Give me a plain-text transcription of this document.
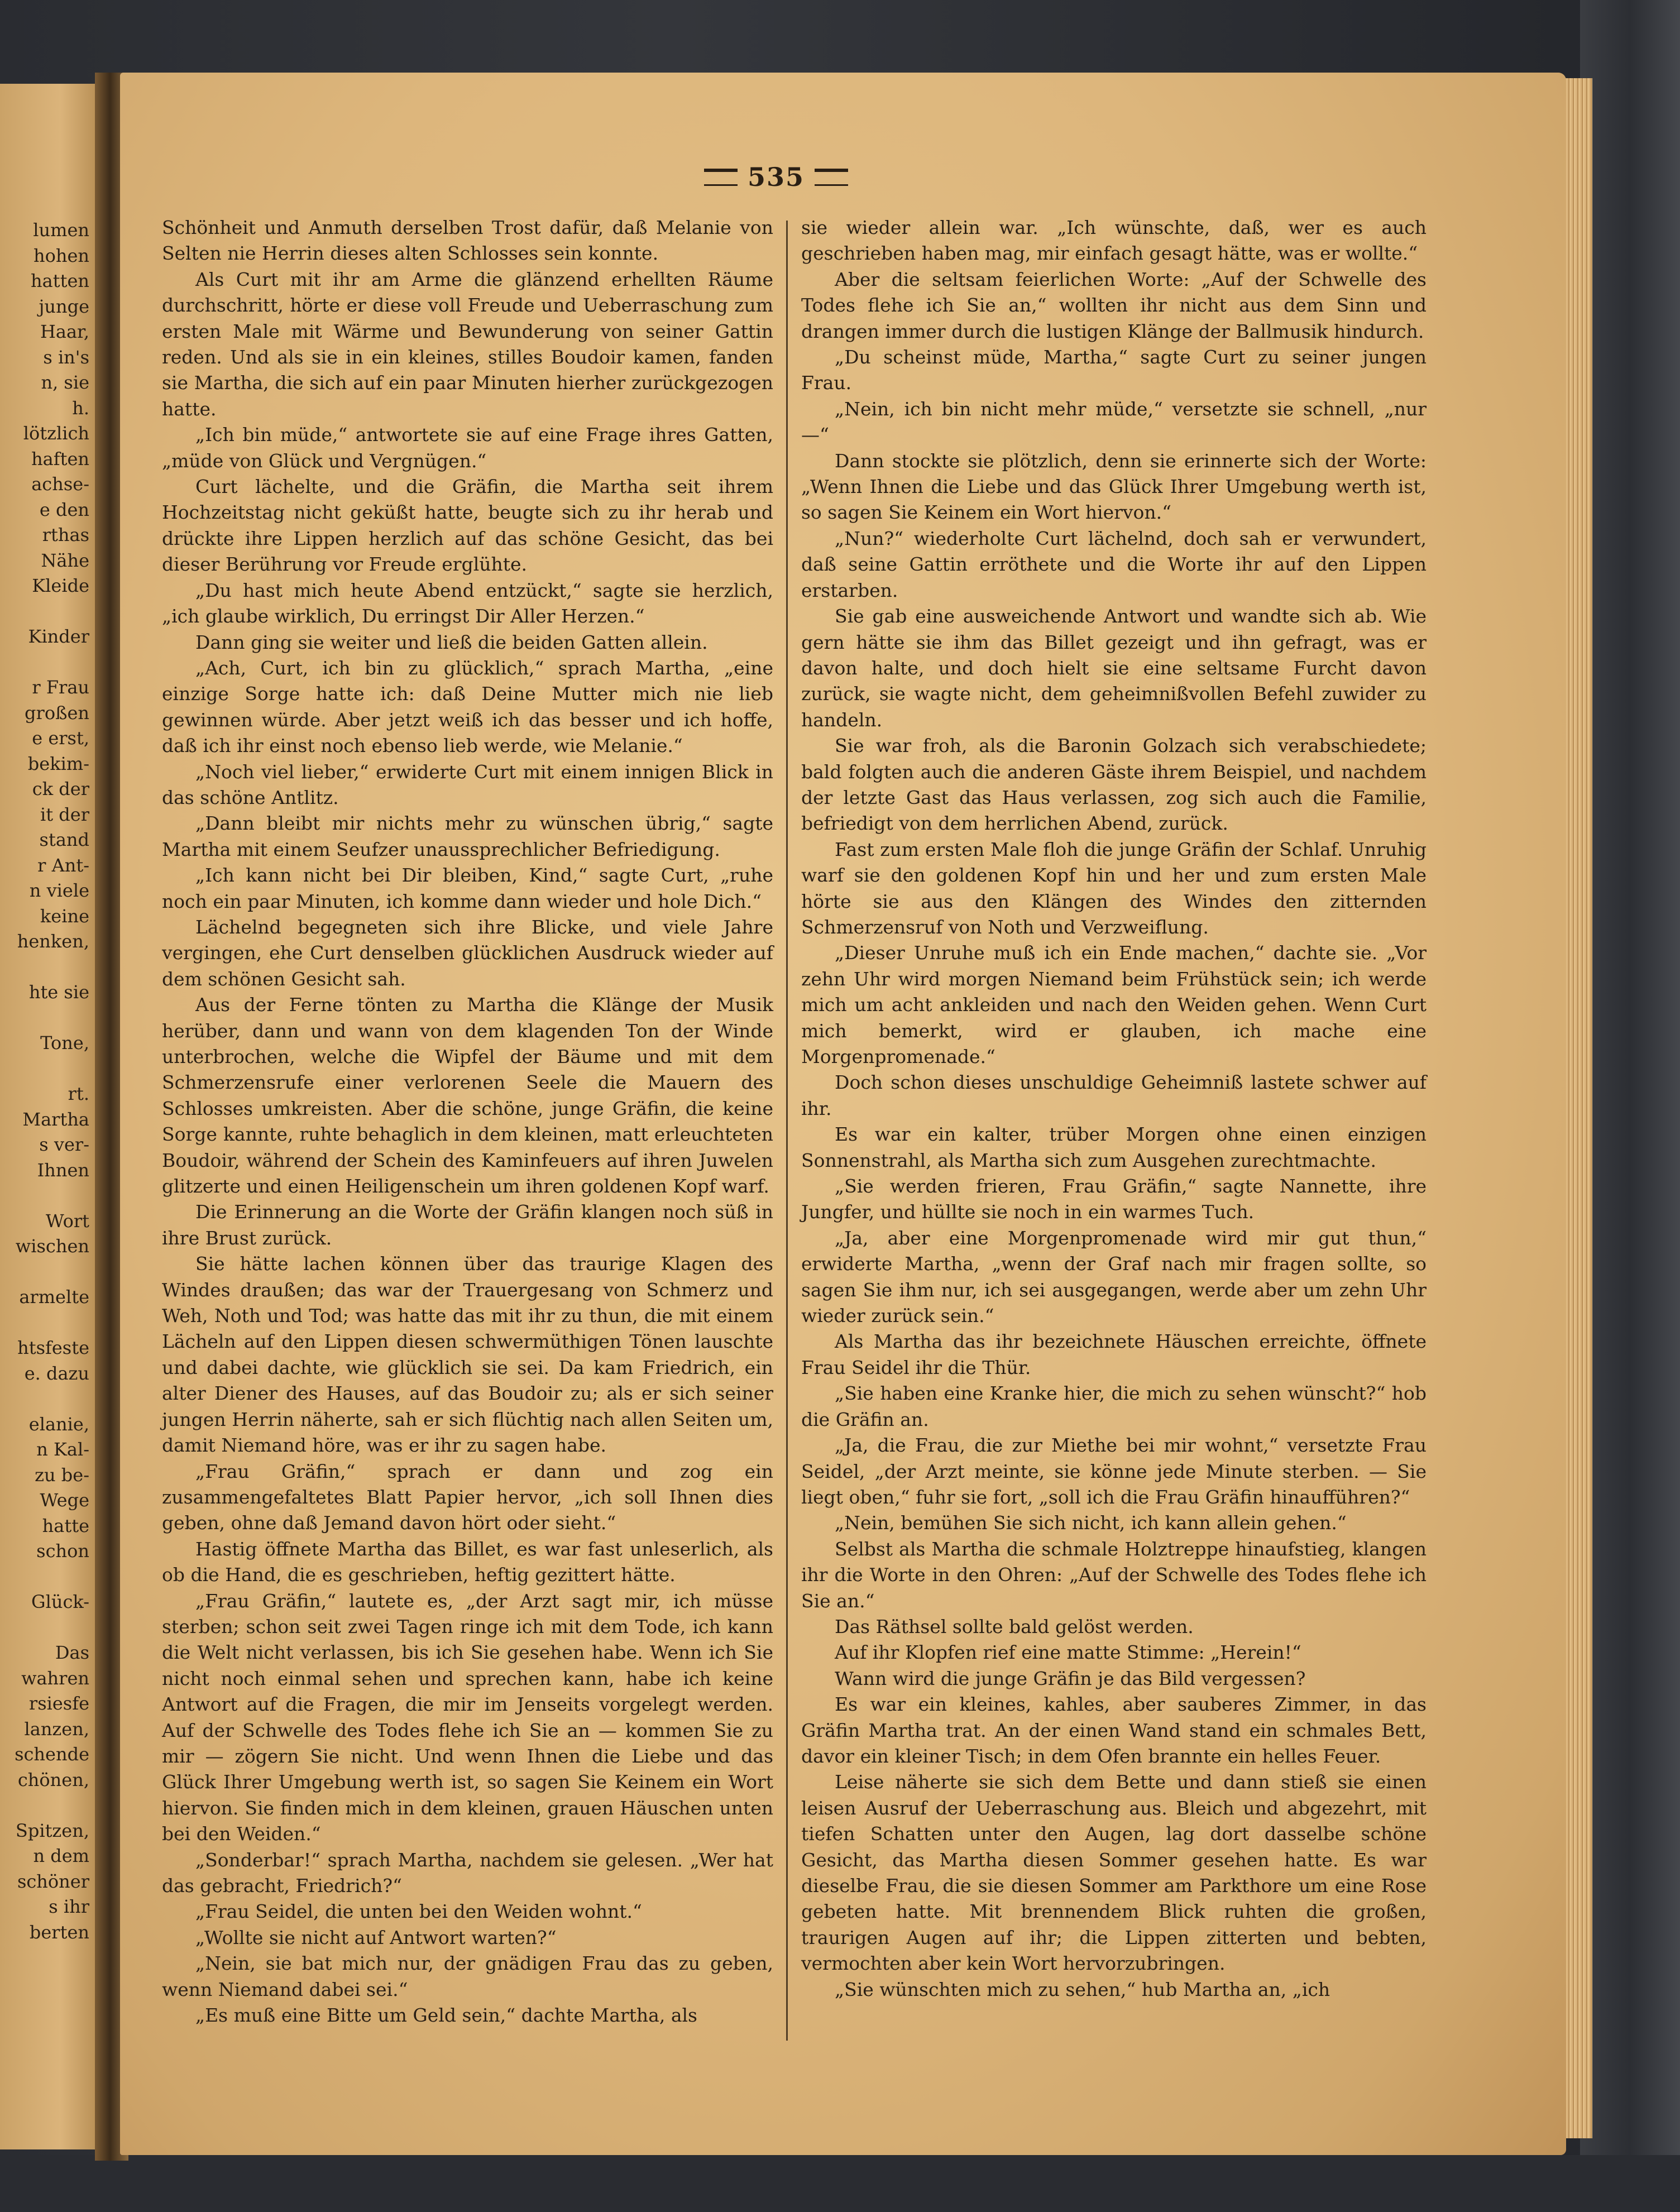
lumen
hohen
hatten
junge
Haar,
s in's
n, sie
h.
lötzlich
haften
achse-
e den
rthas
Nähe
Kleide
Kinder
r Frau
großen
e erst,
bekim-
ck der
it der
stand
r Ant-
n viele
keine
henken,
hte sie
Tone,
rt.
Martha
s ver-
Ihnen
Wort
wischen
armelte
htsfeste
e. dazu
elanie,
n Kal-
zu be-
Wege
hatte
schon
Glück-
Das
wahren
rsiesfe
lanzen,
schende
chönen,
Spitzen,
n dem
schöner
s ihr
berten
535

Schönheit und Anmuth derselben Trost dafür, daß Melanie von Selten nie Herrin dieses alten Schlosses sein konnte.

Als Curt mit ihr am Arme die glänzend erhellten Räume durchschritt, hörte er diese voll Freude und Ueberraschung zum ersten Male mit Wärme und Bewunderung von seiner Gattin reden. Und als sie in ein kleines, stilles Boudoir kamen, fanden sie Martha, die sich auf ein paar Minuten hierher zurückgezogen hatte.

„Ich bin müde,“ antwortete sie auf eine Frage ihres Gatten, „müde von Glück und Vergnügen.“

Curt lächelte, und die Gräfin, die Martha seit ihrem Hochzeitstag nicht geküßt hatte, beugte sich zu ihr herab und drückte ihre Lippen herzlich auf das schöne Gesicht, das bei dieser Berührung vor Freude erglühte.

„Du hast mich heute Abend entzückt,“ sagte sie herzlich, „ich glaube wirklich, Du erringst Dir Aller Herzen.“

Dann ging sie weiter und ließ die beiden Gatten allein.

„Ach, Curt, ich bin zu glücklich,“ sprach Martha, „eine einzige Sorge hatte ich: daß Deine Mutter mich nie lieb gewinnen würde. Aber jetzt weiß ich das besser und ich hoffe, daß ich ihr einst noch ebenso lieb werde, wie Melanie.“

„Noch viel lieber,“ erwiderte Curt mit einem innigen Blick in das schöne Antlitz.

„Dann bleibt mir nichts mehr zu wünschen übrig,“ sagte Martha mit einem Seufzer unaussprechlicher Befriedigung.

„Ich kann nicht bei Dir bleiben, Kind,“ sagte Curt, „ruhe noch ein paar Minuten, ich komme dann wieder und hole Dich.“

Lächelnd begegneten sich ihre Blicke, und viele Jahre vergingen, ehe Curt denselben glücklichen Ausdruck wieder auf dem schönen Gesicht sah.

Aus der Ferne tönten zu Martha die Klänge der Musik herüber, dann und wann von dem klagenden Ton der Winde unterbrochen, welche die Wipfel der Bäume und mit dem Schmerzensrufe einer verlorenen Seele die Mauern des Schlosses umkreisten. Aber die schöne, junge Gräfin, die keine Sorge kannte, ruhte behaglich in dem kleinen, matt erleuchteten Boudoir, während der Schein des Kaminfeuers auf ihren Juwelen glitzerte und einen Heiligenschein um ihren goldenen Kopf warf.

Die Erinnerung an die Worte der Gräfin klangen noch süß in ihre Brust zurück.

Sie hätte lachen können über das traurige Klagen des Windes draußen; das war der Trauergesang von Schmerz und Weh, Noth und Tod; was hatte das mit ihr zu thun, die mit einem Lächeln auf den Lippen diesen schwermüthigen Tönen lauschte und dabei dachte, wie glücklich sie sei. Da kam Friedrich, ein alter Diener des Hauses, auf das Boudoir zu; als er sich seiner jungen Herrin näherte, sah er sich flüchtig nach allen Seiten um, damit Niemand höre, was er ihr zu sagen habe.

„Frau Gräfin,“ sprach er dann und zog ein zusammengefaltetes Blatt Papier hervor, „ich soll Ihnen dies geben, ohne daß Jemand davon hört oder sieht.“

Hastig öffnete Martha das Billet, es war fast unleserlich, als ob die Hand, die es geschrieben, heftig gezittert hätte.

„Frau Gräfin,“ lautete es, „der Arzt sagt mir, ich müsse sterben; schon seit zwei Tagen ringe ich mit dem Tode, ich kann die Welt nicht verlassen, bis ich Sie gesehen habe. Wenn ich Sie nicht noch einmal sehen und sprechen kann, habe ich keine Antwort auf die Fragen, die mir im Jenseits vorgelegt werden. Auf der Schwelle des Todes flehe ich Sie an — kommen Sie zu mir — zögern Sie nicht. Und wenn Ihnen die Liebe und das Glück Ihrer Umgebung werth ist, so sagen Sie Keinem ein Wort hiervon. Sie finden mich in dem kleinen, grauen Häuschen unten bei den Weiden.“

„Sonderbar!“ sprach Martha, nachdem sie gelesen. „Wer hat das gebracht, Friedrich?“

„Frau Seidel, die unten bei den Weiden wohnt.“

„Wollte sie nicht auf Antwort warten?“

„Nein, sie bat mich nur, der gnädigen Frau das zu geben, wenn Niemand dabei sei.“

„Es muß eine Bitte um Geld sein,“ dachte Martha, als

sie wieder allein war. „Ich wünschte, daß, wer es auch geschrieben haben mag, mir einfach gesagt hätte, was er wollte.“

Aber die seltsam feierlichen Worte: „Auf der Schwelle des Todes flehe ich Sie an,“ wollten ihr nicht aus dem Sinn und drangen immer durch die lustigen Klänge der Ballmusik hindurch.

„Du scheinst müde, Martha,“ sagte Curt zu seiner jungen Frau.

„Nein, ich bin nicht mehr müde,“ versetzte sie schnell, „nur —“

Dann stockte sie plötzlich, denn sie erinnerte sich der Worte: „Wenn Ihnen die Liebe und das Glück Ihrer Umgebung werth ist, so sagen Sie Keinem ein Wort hiervon.“

„Nun?“ wiederholte Curt lächelnd, doch sah er verwundert, daß seine Gattin erröthete und die Worte ihr auf den Lippen erstarben.

Sie gab eine ausweichende Antwort und wandte sich ab. Wie gern hätte sie ihm das Billet gezeigt und ihn gefragt, was er davon halte, und doch hielt sie eine seltsame Furcht davon zurück, sie wagte nicht, dem geheimnißvollen Befehl zuwider zu handeln.

Sie war froh, als die Baronin Golzach sich verabschiedete; bald folgten auch die anderen Gäste ihrem Beispiel, und nachdem der letzte Gast das Haus verlassen, zog sich auch die Familie, befriedigt von dem herrlichen Abend, zurück.

Fast zum ersten Male floh die junge Gräfin der Schlaf. Unruhig warf sie den goldenen Kopf hin und her und zum ersten Male hörte sie aus den Klängen des Windes den zitternden Schmerzensruf von Noth und Verzweiflung.

„Dieser Unruhe muß ich ein Ende machen,“ dachte sie. „Vor zehn Uhr wird morgen Niemand beim Frühstück sein; ich werde mich um acht ankleiden und nach den Weiden gehen. Wenn Curt mich bemerkt, wird er glauben, ich mache eine Morgenpromenade.“

Doch schon dieses unschuldige Geheimniß lastete schwer auf ihr.

Es war ein kalter, trüber Morgen ohne einen einzigen Sonnenstrahl, als Martha sich zum Ausgehen zurechtmachte.

„Sie werden frieren, Frau Gräfin,“ sagte Nannette, ihre Jungfer, und hüllte sie noch in ein warmes Tuch.

„Ja, aber eine Morgenpromenade wird mir gut thun,“ erwiderte Martha, „wenn der Graf nach mir fragen sollte, so sagen Sie ihm nur, ich sei ausgegangen, werde aber um zehn Uhr wieder zurück sein.“

Als Martha das ihr bezeichnete Häuschen erreichte, öffnete Frau Seidel ihr die Thür.

„Sie haben eine Kranke hier, die mich zu sehen wünscht?“ hob die Gräfin an.

„Ja, die Frau, die zur Miethe bei mir wohnt,“ versetzte Frau Seidel, „der Arzt meinte, sie könne jede Minute sterben. — Sie liegt oben,“ fuhr sie fort, „soll ich die Frau Gräfin hinaufführen?“

„Nein, bemühen Sie sich nicht, ich kann allein gehen.“

Selbst als Martha die schmale Holztreppe hinaufstieg, klangen ihr die Worte in den Ohren: „Auf der Schwelle des Todes flehe ich Sie an.“

Das Räthsel sollte bald gelöst werden.

Auf ihr Klopfen rief eine matte Stimme: „Herein!“

Wann wird die junge Gräfin je das Bild vergessen?

Es war ein kleines, kahles, aber sauberes Zimmer, in das Gräfin Martha trat. An der einen Wand stand ein schmales Bett, davor ein kleiner Tisch; in dem Ofen brannte ein helles Feuer.

Leise näherte sie sich dem Bette und dann stieß sie einen leisen Ausruf der Ueberraschung aus. Bleich und abgezehrt, mit tiefen Schatten unter den Augen, lag dort dasselbe schöne Gesicht, das Martha diesen Sommer gesehen hatte. Es war dieselbe Frau, die sie diesen Sommer am Parkthore um eine Rose gebeten hatte. Mit brennendem Blick ruhten die großen, traurigen Augen auf ihr; die Lippen zitterten und bebten, vermochten aber kein Wort hervorzubringen.

„Sie wünschten mich zu sehen,“ hub Martha an, „ich
